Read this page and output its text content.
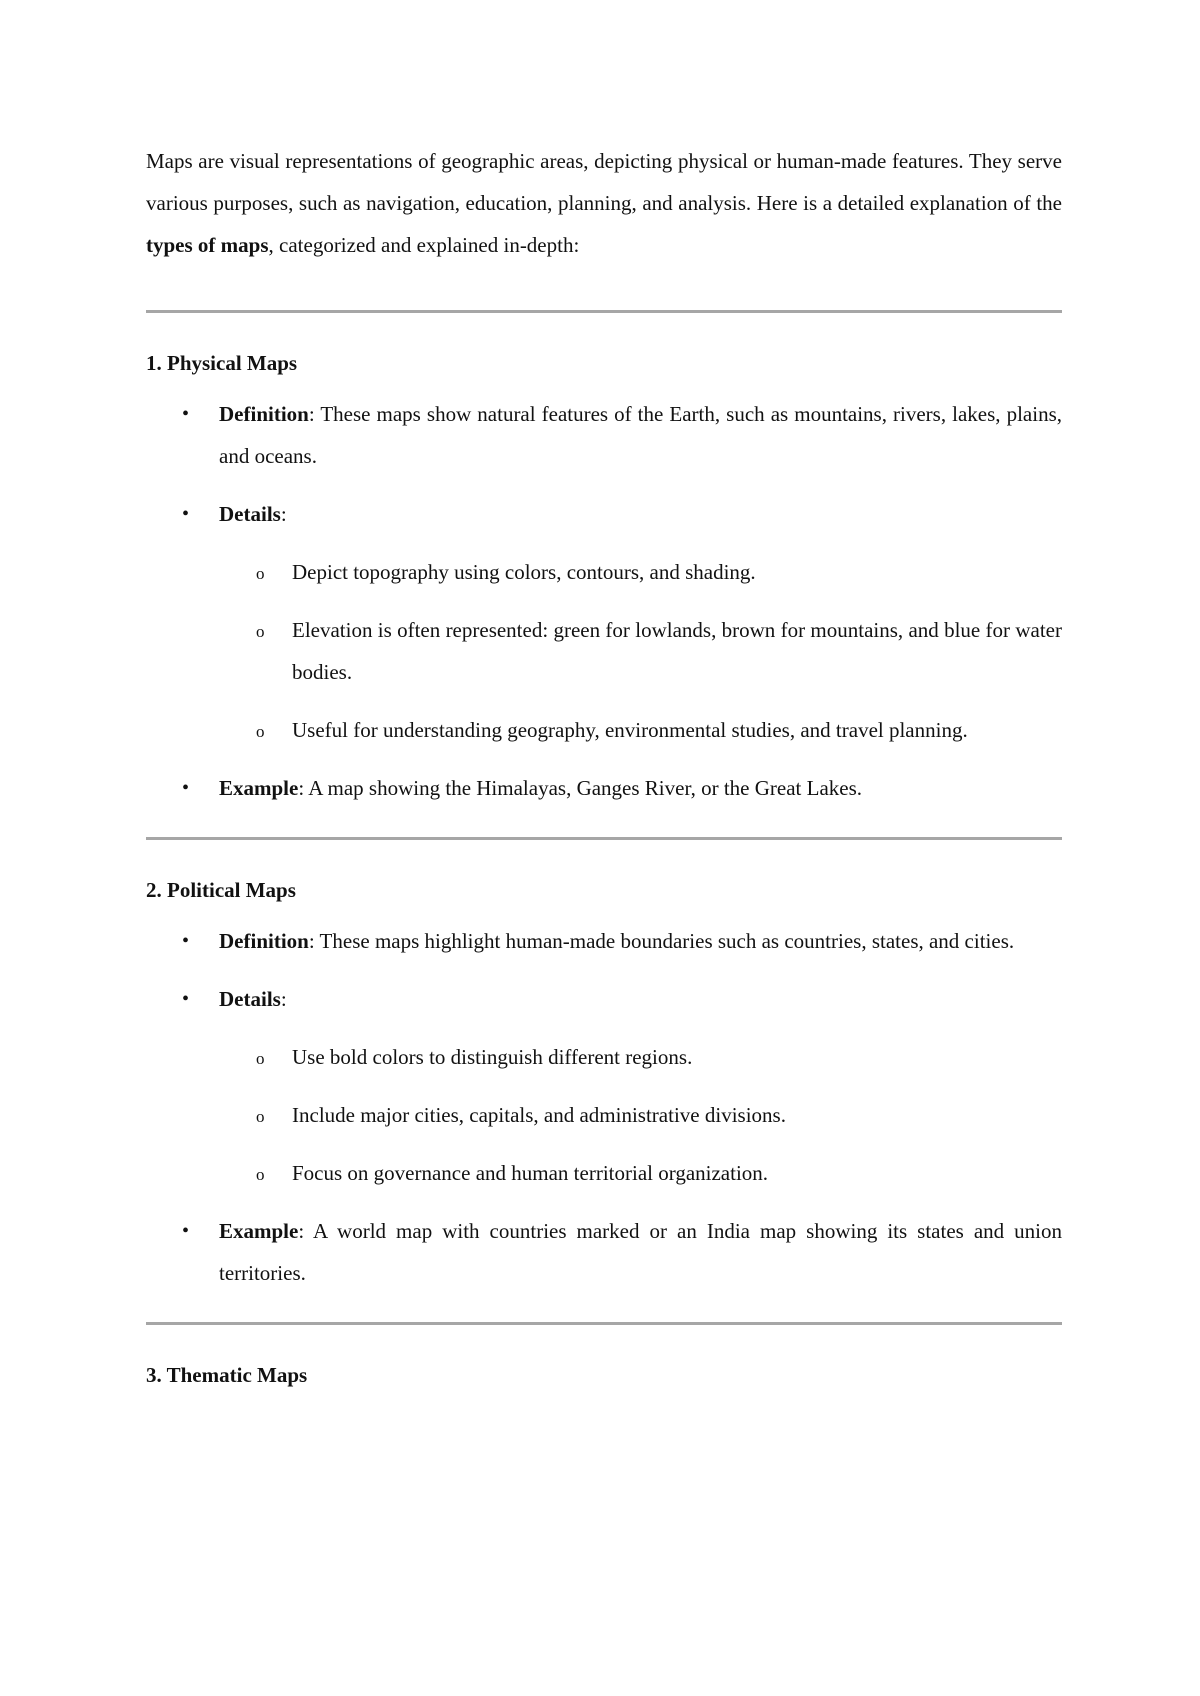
Maps are visual representations of geographic areas, depicting physical or human-made features. They serve various purposes, such as navigation, education, planning, and analysis. Here is a detailed explanation of the types of maps, categorized and explained in-depth:

1. Physical Maps

• Definition: These maps show natural features of the Earth, such as mountains, rivers, lakes, plains, and oceans.
• Details:
o Depict topography using colors, contours, and shading.
o Elevation is often represented: green for lowlands, brown for mountains, and blue for water bodies.
o Useful for understanding geography, environmental studies, and travel planning.
• Example: A map showing the Himalayas, Ganges River, or the Great Lakes.

2. Political Maps

• Definition: These maps highlight human-made boundaries such as countries, states, and cities.
• Details:
o Use bold colors to distinguish different regions.
o Include major cities, capitals, and administrative divisions.
o Focus on governance and human territorial organization.
• Example: A world map with countries marked or an India map showing its states and union territories.

3. Thematic Maps
